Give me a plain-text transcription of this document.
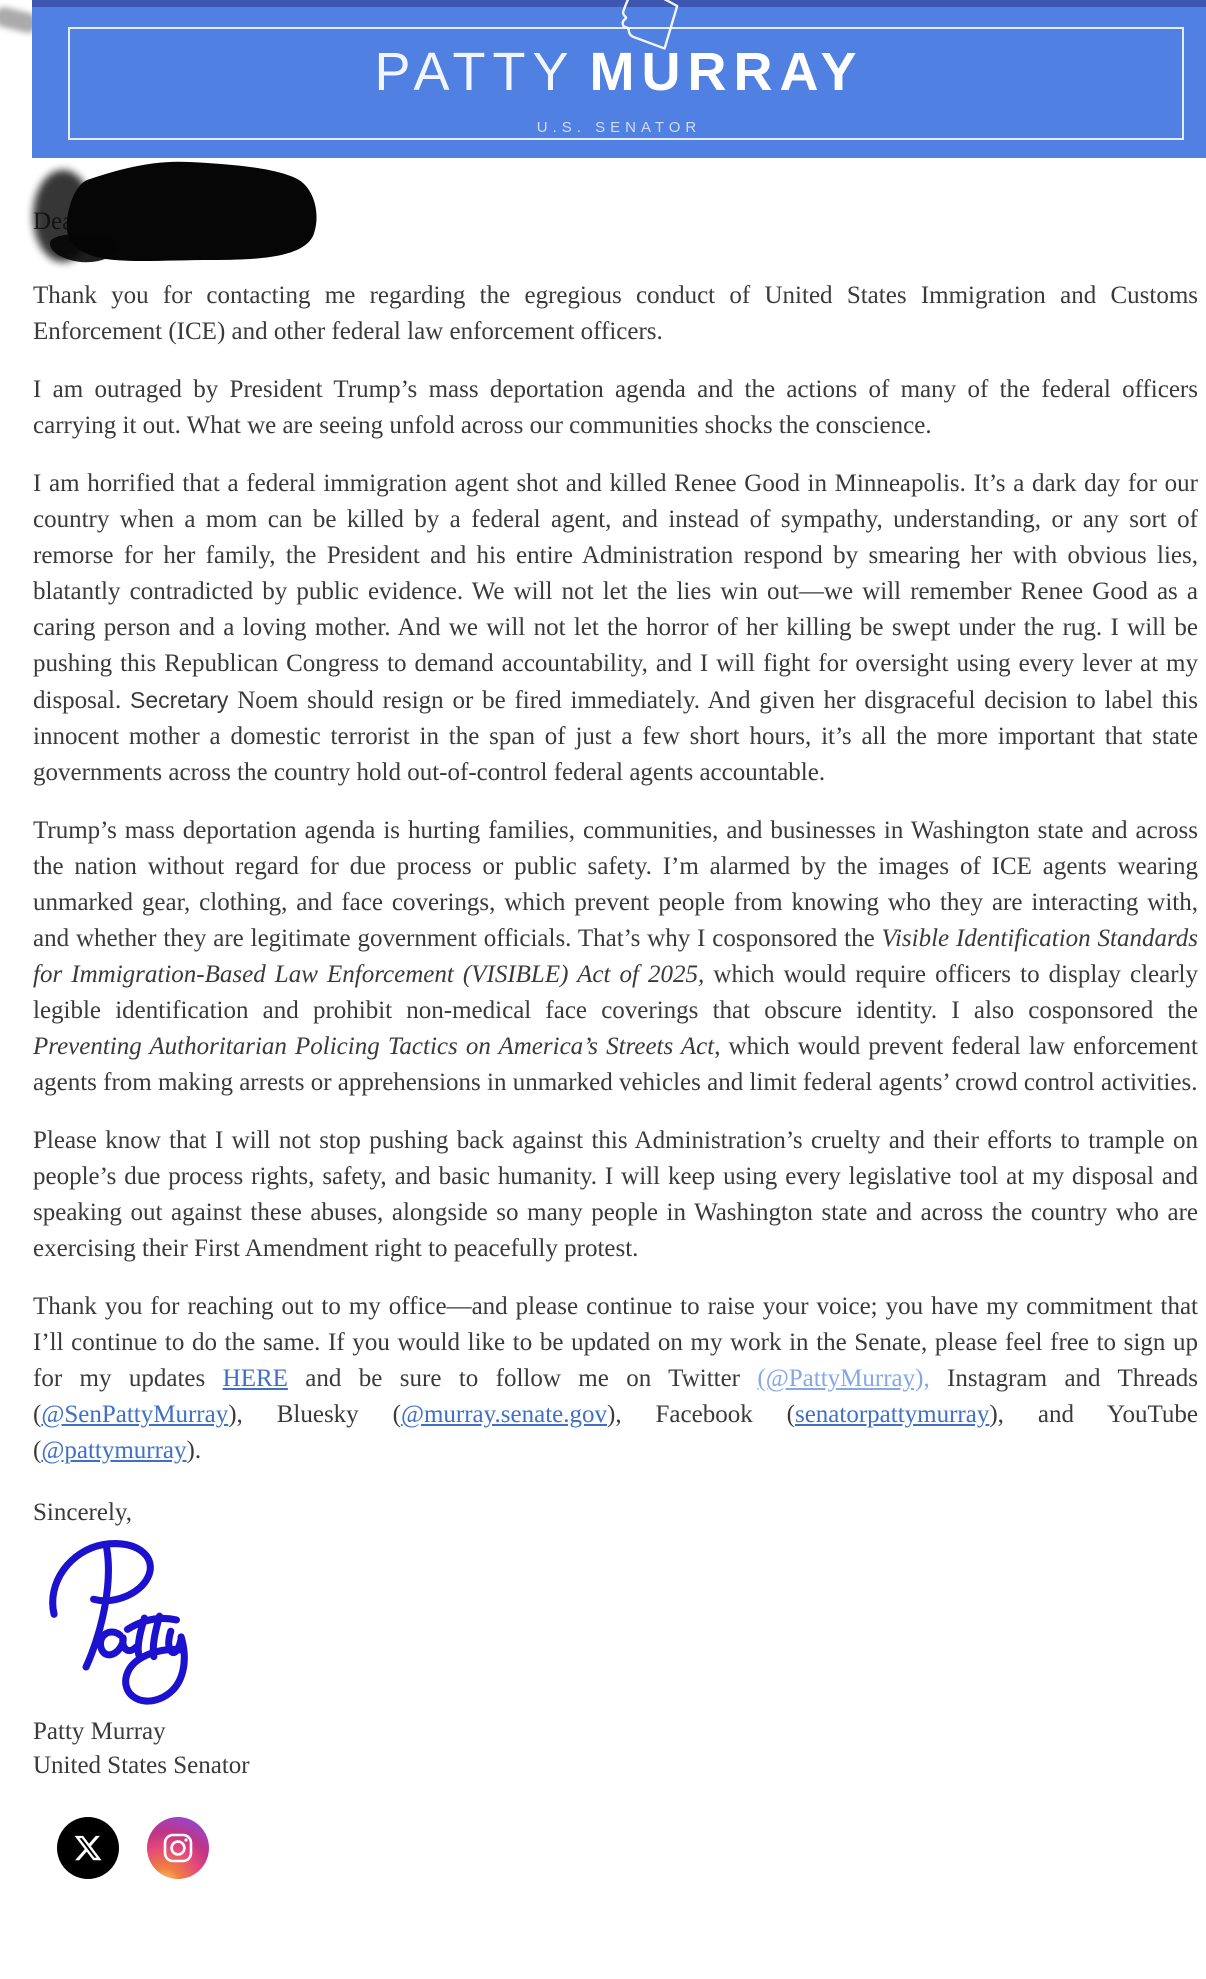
PATTY MURRAY
U.S. SENATOR

Thank you for contacting me regarding the egregious conduct of United States Immigration and Customs Enforcement (ICE) and other federal law enforcement officers.

I am outraged by President Trump’s mass deportation agenda and the actions of many of the federal officers carrying it out. What we are seeing unfold across our communities shocks the conscience.

I am horrified that a federal immigration agent shot and killed Renee Good in Minneapolis. It’s a dark day for our country when a mom can be killed by a federal agent, and instead of sympathy, understanding, or any sort of remorse for her family, the President and his entire Administration respond by smearing her with obvious lies, blatantly contradicted by public evidence. We will not let the lies win out—we will remember Renee Good as a caring person and a loving mother. And we will not let the horror of her killing be swept under the rug. I will be pushing this Republican Congress to demand accountability, and I will fight for oversight using every lever at my disposal. Secretary Noem should resign or be fired immediately. And given her disgraceful decision to label this innocent mother a domestic terrorist in the span of just a few short hours, it’s all the more important that state governments across the country hold out-of-control federal agents accountable.

Trump’s mass deportation agenda is hurting families, communities, and businesses in Washington state and across the nation without regard for due process or public safety. I’m alarmed by the images of ICE agents wearing unmarked gear, clothing, and face coverings, which prevent people from knowing who they are interacting with, and whether they are legitimate government officials. That’s why I cosponsored the Visible Identification Standards for Immigration-Based Law Enforcement (VISIBLE) Act of 2025, which would require officers to display clearly legible identification and prohibit non-medical face coverings that obscure identity. I also cosponsored the Preventing Authoritarian Policing Tactics on America’s Streets Act, which would prevent federal law enforcement agents from making arrests or apprehensions in unmarked vehicles and limit federal agents’ crowd control activities.

Please know that I will not stop pushing back against this Administration’s cruelty and their efforts to trample on people’s due process rights, safety, and basic humanity. I will keep using every legislative tool at my disposal and speaking out against these abuses, alongside so many people in Washington state and across the country who are exercising their First Amendment right to peacefully protest.

Thank you for reaching out to my office—and please continue to raise your voice; you have my commitment that I’ll continue to do the same. If you would like to be updated on my work in the Senate, please feel free to sign up for my updates HERE and be sure to follow me on Twitter (@PattyMurray), Instagram and Threads (@SenPattyMurray), Bluesky (@murray.senate.gov), Facebook (senatorpattymurray), and YouTube (@pattymurray).

Sincerely,
Patty Murray
United States Senator
